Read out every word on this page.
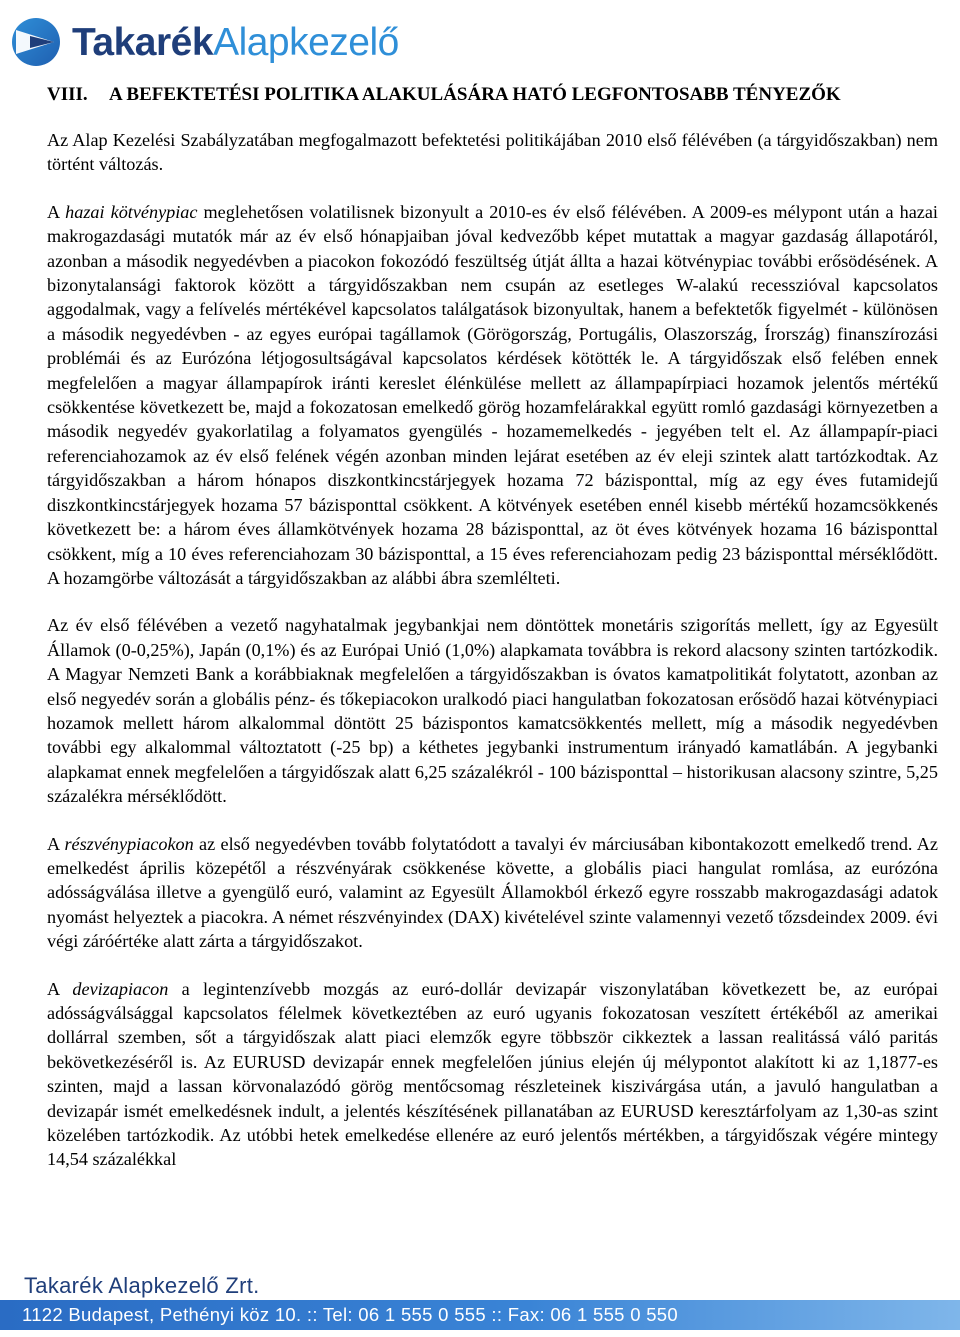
TakarékAlapkezelő
VIII.	A BEFEKTETÉSI POLITIKA ALAKULÁSÁRA HATÓ LEGFONTOSABB TÉNYEZŐK

Az Alap Kezelési Szabályzatában megfogalmazott befektetési politikájában 2010 első félévében (a tárgyidőszakban) nem történt változás.

A hazai kötvénypiac meglehetősen volatilisnek bizonyult a 2010-es év első félévében. A 2009-es mélypont után a hazai makrogazdasági mutatók már az év első hónapjaiban jóval kedvezőbb képet mutattak a magyar gazdaság állapotáról, azonban a második negyedévben a piacokon fokozódó feszültség útját állta a hazai kötvénypiac további erősödésének. A bizonytalansági faktorok között a tárgyidőszakban nem csupán az esetleges W-alakú recesszióval kapcsolatos aggodalmak, vagy a felívelés mértékével kapcsolatos találgatások bizonyultak, hanem a befektetők figyelmét - különösen a második negyedévben - az egyes európai tagállamok (Görögország, Portugális, Olaszország, Írország) finanszírozási problémái és az Eurózóna létjogosultságával kapcsolatos kérdések kötötték le. A tárgyidőszak első felében ennek megfelelően a magyar állampapírok iránti kereslet élénkülése mellett az állampapírpiaci hozamok jelentős mértékű csökkentése következett be, majd a fokozatosan emelkedő görög hozamfelárakkal együtt romló gazdasági környezetben a második negyedév gyakorlatilag a folyamatos gyengülés - hozamemelkedés - jegyében telt el. Az állampapír-piaci referenciahozamok az év első felének végén azonban minden lejárat esetében az év eleji szintek alatt tartózkodtak. Az tárgyidőszakban a három hónapos diszkontkincstárjegyek hozama 72 bázisponttal, míg az egy éves futamidejű diszkontkincstárjegyek hozama 57 bázisponttal csökkent. A kötvények esetében ennél kisebb mértékű hozamcsökkenés következett be: a három éves államkötvények hozama 28 bázisponttal, az öt éves kötvények hozama 16 bázisponttal csökkent, míg a 10 éves referenciahozam 30 bázisponttal, a 15 éves referenciahozam pedig 23 bázisponttal mérséklődött. A hozamgörbe változását a tárgyidőszakban az alábbi ábra szemlélteti.

Az év első félévében a vezető nagyhatalmak jegybankjai nem döntöttek monetáris szigorítás mellett, így az Egyesült Államok (0-0,25%), Japán (0,1%) és az Európai Unió (1,0%) alapkamata továbbra is rekord alacsony szinten tartózkodik. A Magyar Nemzeti Bank a korábbiaknak megfelelően a tárgyidőszakban is óvatos kamatpolitikát folytatott, azonban az első negyedév során a globális pénz- és tőkepiacokon uralkodó piaci hangulatban fokozatosan erősödő hazai kötvénypiaci hozamok mellett három alkalommal döntött 25 bázispontos kamatcsökkentés mellett, míg a második negyedévben további egy alkalommal változtatott (-25 bp) a kéthetes jegybanki instrumentum irányadó kamatlábán. A jegybanki alapkamat ennek megfelelően a tárgyidőszak alatt 6,25 százalékról - 100 bázisponttal – historikusan alacsony szintre, 5,25 százalékra mérséklődött.

A részvénypiacokon az első negyedévben tovább folytatódott a tavalyi év márciusában kibontakozott emelkedő trend. Az emelkedést április közepétől a részvényárak csökkenése követte, a globális piaci hangulat romlása, az eurózóna adósságválása illetve a gyengülő euró, valamint az Egyesült Államokból érkező egyre rosszabb makrogazdasági adatok nyomást helyeztek a piacokra. A német részvényindex (DAX) kivételével szinte valamennyi vezető tőzsdeindex 2009. évi végi záróértéke alatt zárta a tárgyidőszakot.

A devizapiacon a legintenzívebb mozgás az euró-dollár devizapár viszonylatában következett be, az európai adósságválsággal kapcsolatos félelmek következtében az euró ugyanis fokozatosan veszített értékéből az amerikai dollárral szemben, sőt a tárgyidőszak alatt piaci elemzők egyre többször cikkeztek a lassan realitássá váló paritás bekövetkezéséről is. Az EURUSD devizapár ennek megfelelően június elején új mélypontot alakított ki az 1,1877-es szinten, majd a lassan körvonalazódó görög mentőcsomag részleteinek kiszivárgása után, a javuló hangulatban a devizapár ismét emelkedésnek indult, a jelentés készítésének pillanatában az EURUSD keresztárfolyam az 1,30-as szint közelében tartózkodik. Az utóbbi hetek emelkedése ellenére az euró jelentős mértékben, a tárgyidőszak végére mintegy 14,54 százalékkal

Takarék Alapkezelő Zrt.
1122 Budapest, Pethényi köz 10. :: Tel: 06 1 555 0 555 :: Fax: 06 1 555 0 550
